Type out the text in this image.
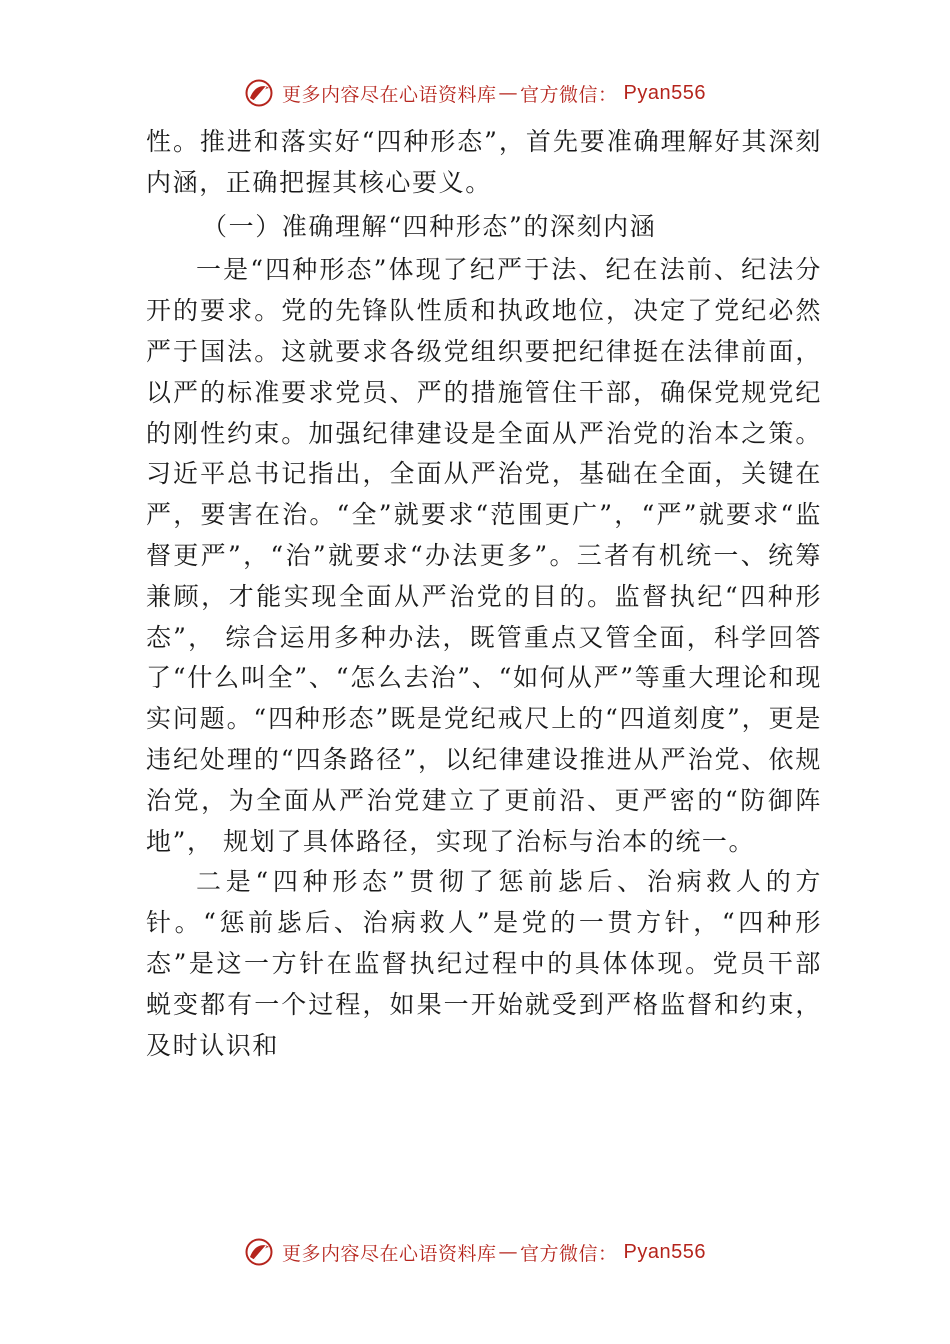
更多内容尽在心语资料库 — 官方微信： Pyan556

性。推进和落实好“四种形态”，首先要准确理解好其深刻内涵，正确把握其核心要义。

（一）准确理解“四种形态”的深刻内涵

一是“四种形态”体现了纪严于法、纪在法前、纪法分开的要求。党的先锋队性质和执政地位，决定了党纪必然严于国法。这就要求各级党组织要把纪律挺在法律前面，以严的标准要求党员、严的措施管住干部，确保党规党纪的刚性约束。加强纪律建设是全面从严治党的治本之策。习近平总书记指出，全面从严治党，基础在全面，关键在严，要害在治。“全”就要求“范围更广”，“严”就要求“监督更严”，“治”就要求“办法更多”。三者有机统一、统筹兼顾，才能实现全面从严治党的目的。监督执纪“四种形态”， 综合运用多种办法，既管重点又管全面，科学回答了“什么叫全”、“怎么去治”、“如何从严”等重大理论和现实问题。“四种形态”既是党纪戒尺上的“四道刻度”，更是违纪处理的“四条路径”，以纪律建设推进从严治党、依规治党，为全面从严治党建立了更前沿、更严密的“防御阵地”， 规划了具体路径，实现了治标与治本的统一。

二是“四种形态”贯彻了惩前毖后、治病救人的方针。“惩前毖后、治病救人”是党的一贯方针，“四种形态”是这一方针在监督执纪过程中的具体体现。党员干部蜕变都有一个过程，如果一开始就受到严格监督和约束，及时认识和

更多内容尽在心语资料库 — 官方微信： Pyan556
